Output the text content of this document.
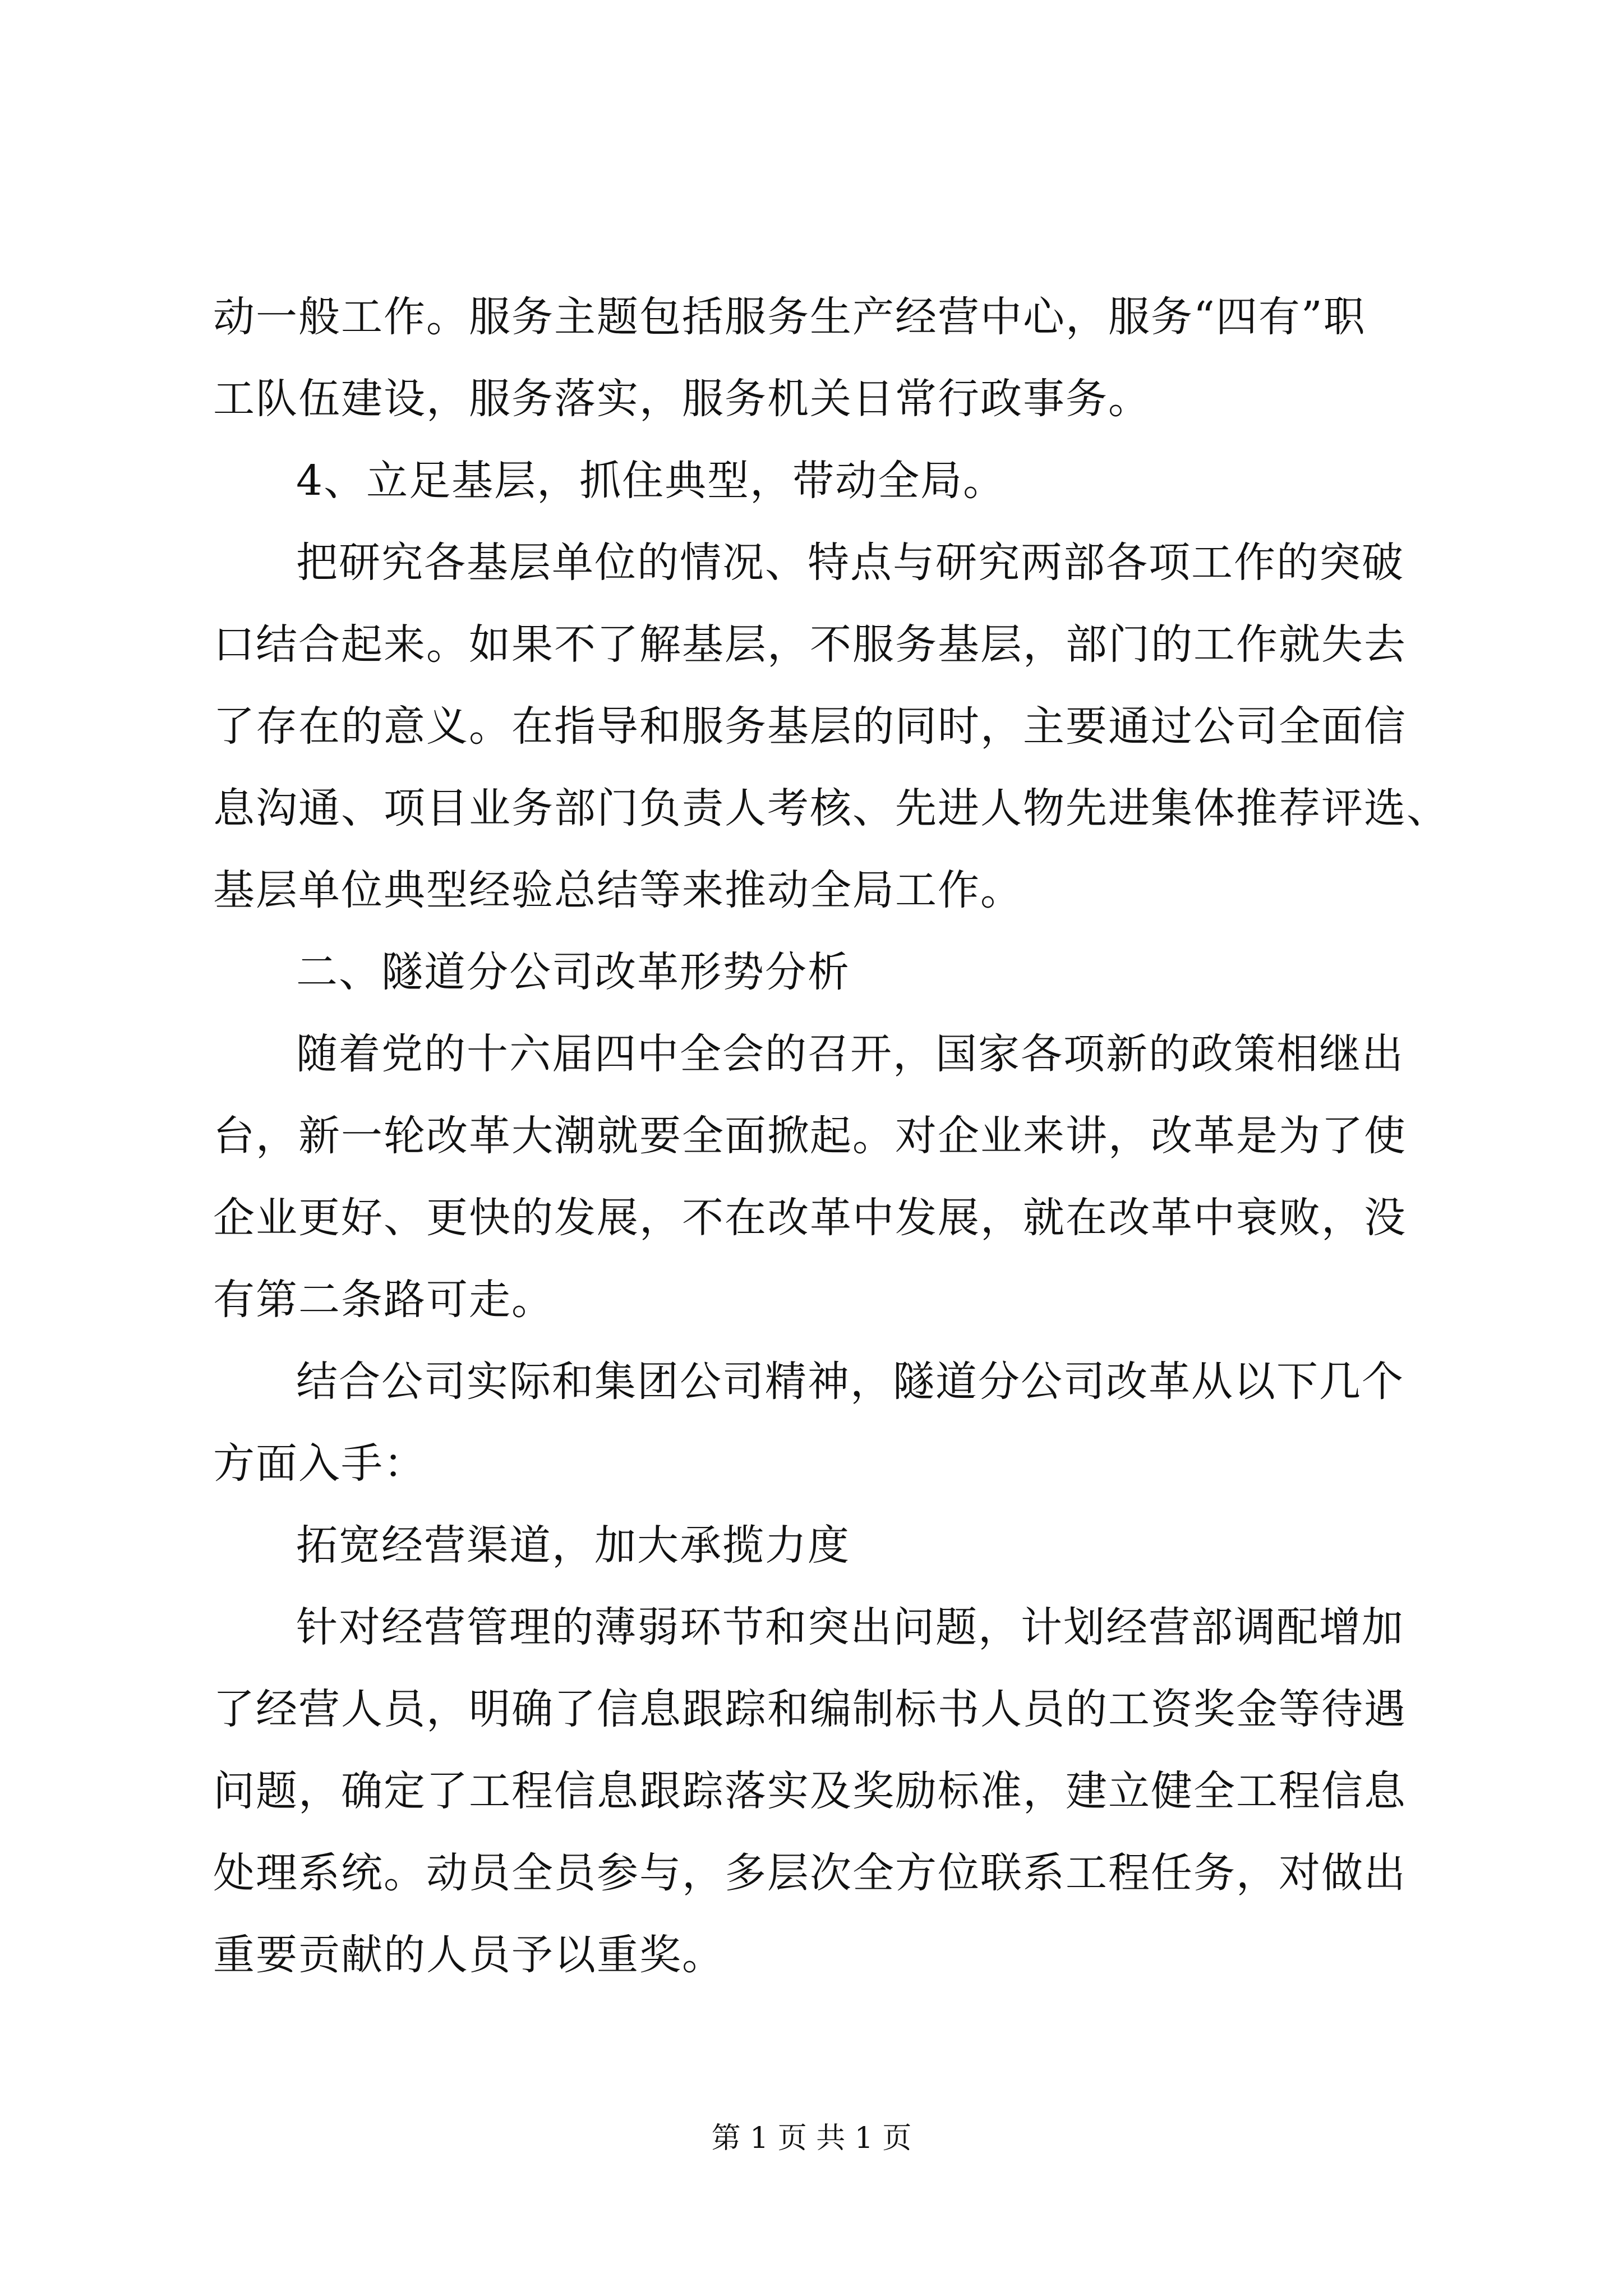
动一般工作。服务主题包括服务生产经营中心，服务“四有”职
工队伍建设，服务落实，服务机关日常行政事务。
4、立足基层，抓住典型，带动全局。
把研究各基层单位的情况、特点与研究两部各项工作的突破
口结合起来。如果不了解基层，不服务基层，部门的工作就失去
了存在的意义。在指导和服务基层的同时，主要通过公司全面信
息沟通、项目业务部门负责人考核、先进人物先进集体推荐评选、
基层单位典型经验总结等来推动全局工作。
二、隧道分公司改革形势分析
随着党的十六届四中全会的召开，国家各项新的政策相继出
台，新一轮改革大潮就要全面掀起。对企业来讲，改革是为了使
企业更好、更快的发展，不在改革中发展，就在改革中衰败，没
有第二条路可走。
结合公司实际和集团公司精神，隧道分公司改革从以下几个
方面入手：
拓宽经营渠道，加大承揽力度
针对经营管理的薄弱环节和突出问题，计划经营部调配增加
了经营人员，明确了信息跟踪和编制标书人员的工资奖金等待遇
问题，确定了工程信息跟踪落实及奖励标准，建立健全工程信息
处理系统。动员全员参与，多层次全方位联系工程任务，对做出
重要贡献的人员予以重奖。
第 1 页 共 1 页
